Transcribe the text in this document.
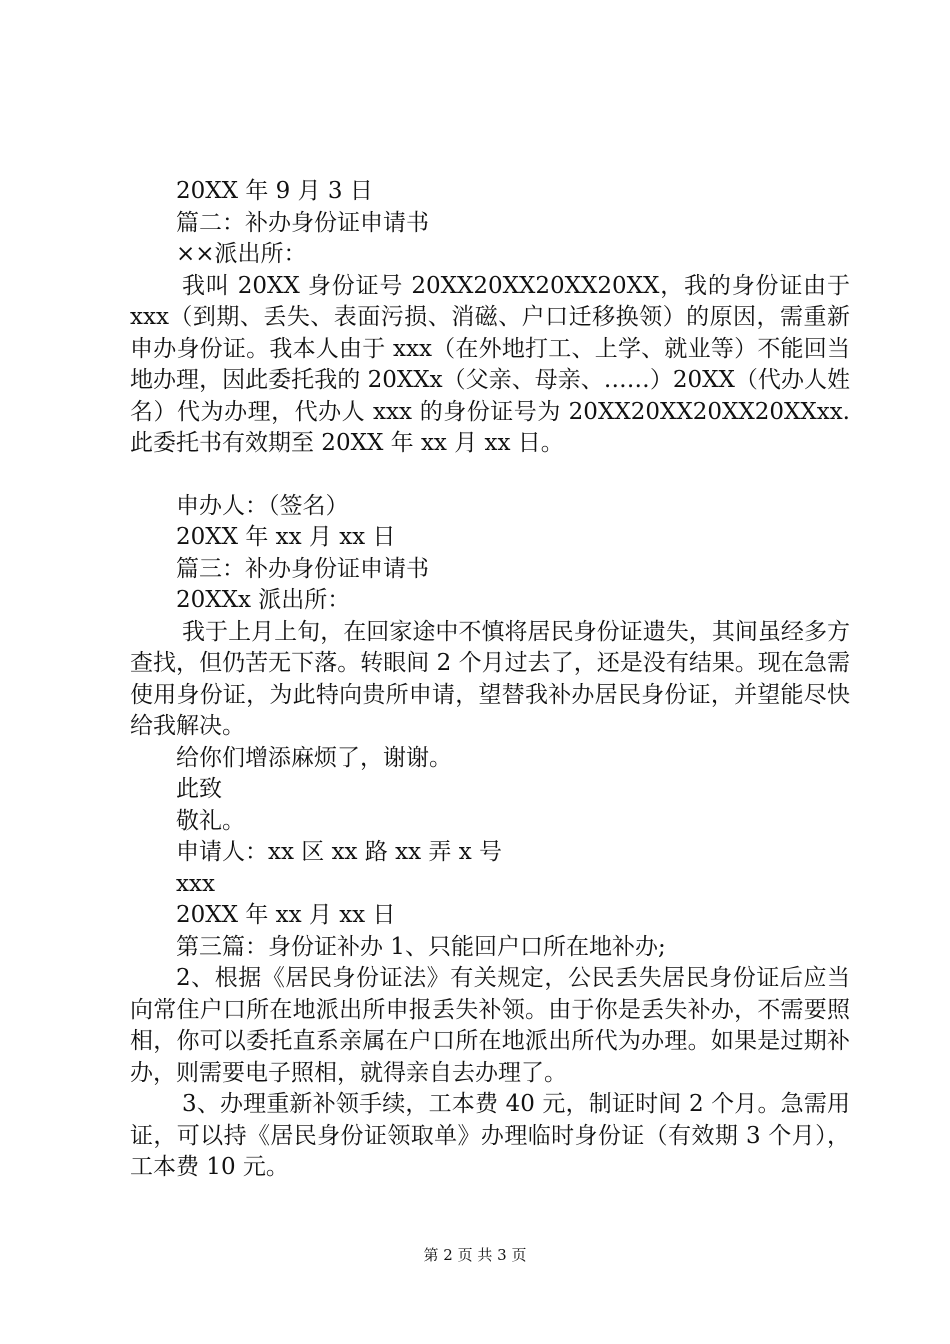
20XX 年 9 月 3 日

篇二：补办身份证申请书

××派出所：

我叫 20XX 身份证号 20XX20XX20XX20XX，我的身份证由于 xxx（到期、丢失、表面污损、消磁、户口迁移换领）的原因，需重新申办身份证。我本人由于 xxx（在外地打工、上学、就业等）不能回当地办理，因此委托我的 20XXx（父亲、母亲、……）20XX（代办人姓名）代为办理，代办人 xxx 的身份证号为 20XX20XX20XX20XXxx.此委托书有效期至 20XX 年 xx 月 xx 日。

申办人：（签名）

20XX 年 xx 月 xx 日

篇三：补办身份证申请书

20XXx 派出所：

我于上月上旬，在回家途中不慎将居民身份证遗失，其间虽经多方查找，但仍苦无下落。转眼间 2 个月过去了，还是没有结果。现在急需使用身份证，为此特向贵所申请，望替我补办居民身份证，并望能尽快给我解决。

给你们增添麻烦了，谢谢。

此致

敬礼。

申请人：xx 区 xx 路 xx 弄 x 号

xxx

20XX 年 xx 月 xx 日

第三篇：身份证补办 1、只能回户口所在地补办;

2、根据《居民身份证法》有关规定，公民丢失居民身份证后应当向常住户口所在地派出所申报丢失补领。由于你是丢失补办，不需要照相，你可以委托直系亲属在户口所在地派出所代为办理。如果是过期补办，则需要电子照相，就得亲自去办理了。

3、办理重新补领手续，工本费 40 元，制证时间 2 个月。急需用证，可以持《居民身份证领取单》办理临时身份证（有效期 3 个月），工本费 10 元。

第 2 页 共 3 页
